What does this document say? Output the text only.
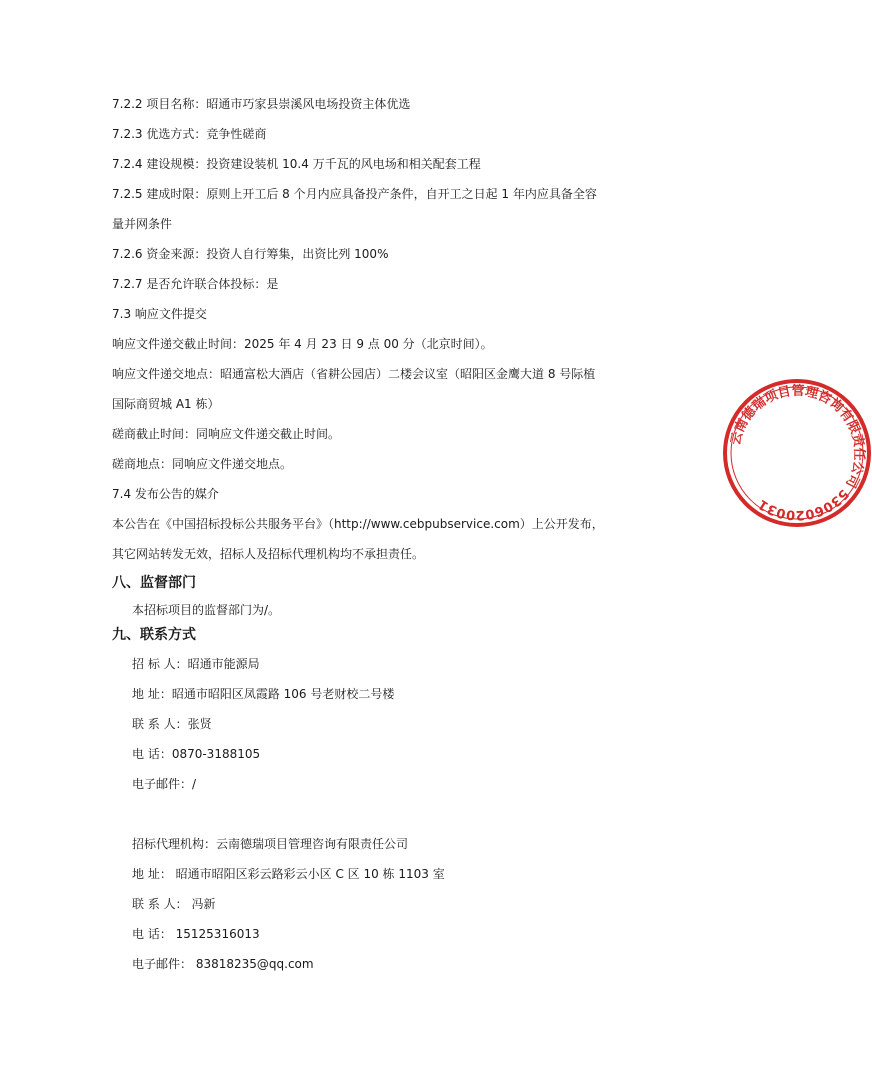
7.2.2 项目名称：昭通市巧家县崇溪风电场投资主体优选
7.2.3 优选方式：竞争性磋商
7.2.4 建设规模：投资建设装机 10.4 万千瓦的风电场和相关配套工程
7.2.5 建成时限：原则上开工后 8 个月内应具备投产条件，自开工之日起 1 年内应具备全容
量并网条件
7.2.6 资金来源：投资人自行筹集，出资比列 100%
7.2.7 是否允许联合体投标：是
7.3 响应文件提交
响应文件递交截止时间：2025 年 4 月 23 日 9 点 00 分（北京时间）。
响应文件递交地点：昭通富松大酒店（省耕公园店）二楼会议室（昭阳区金鹰大道 8 号际植
国际商贸城 A1 栋）
磋商截止时间：同响应文件递交截止时间。
磋商地点：同响应文件递交地点。
7.4 发布公告的媒介
本公告在《中国招标投标公共服务平台》（http://www.cebpubservice.com）上公开发布，
其它网站转发无效，招标人及招标代理机构均不承担责任。
八、监督部门
本招标项目的监督部门为/。
九、联系方式
招 标 人：昭通市能源局
地 址：昭通市昭阳区凤霞路 106 号老财校二号楼
联 系 人：张贤
电 话：0870-3188105
电子邮件：/
招标代理机构：云南德瑞项目管理咨询有限责任公司
地 址： 昭通市昭阳区彩云路彩云小区 C 区 10 栋 1103 室
联 系 人： 冯新
电 话： 15125316013
电子邮件： 83818235@qq.com
云南德瑞项目管理咨询有限责任公司 5306020031
